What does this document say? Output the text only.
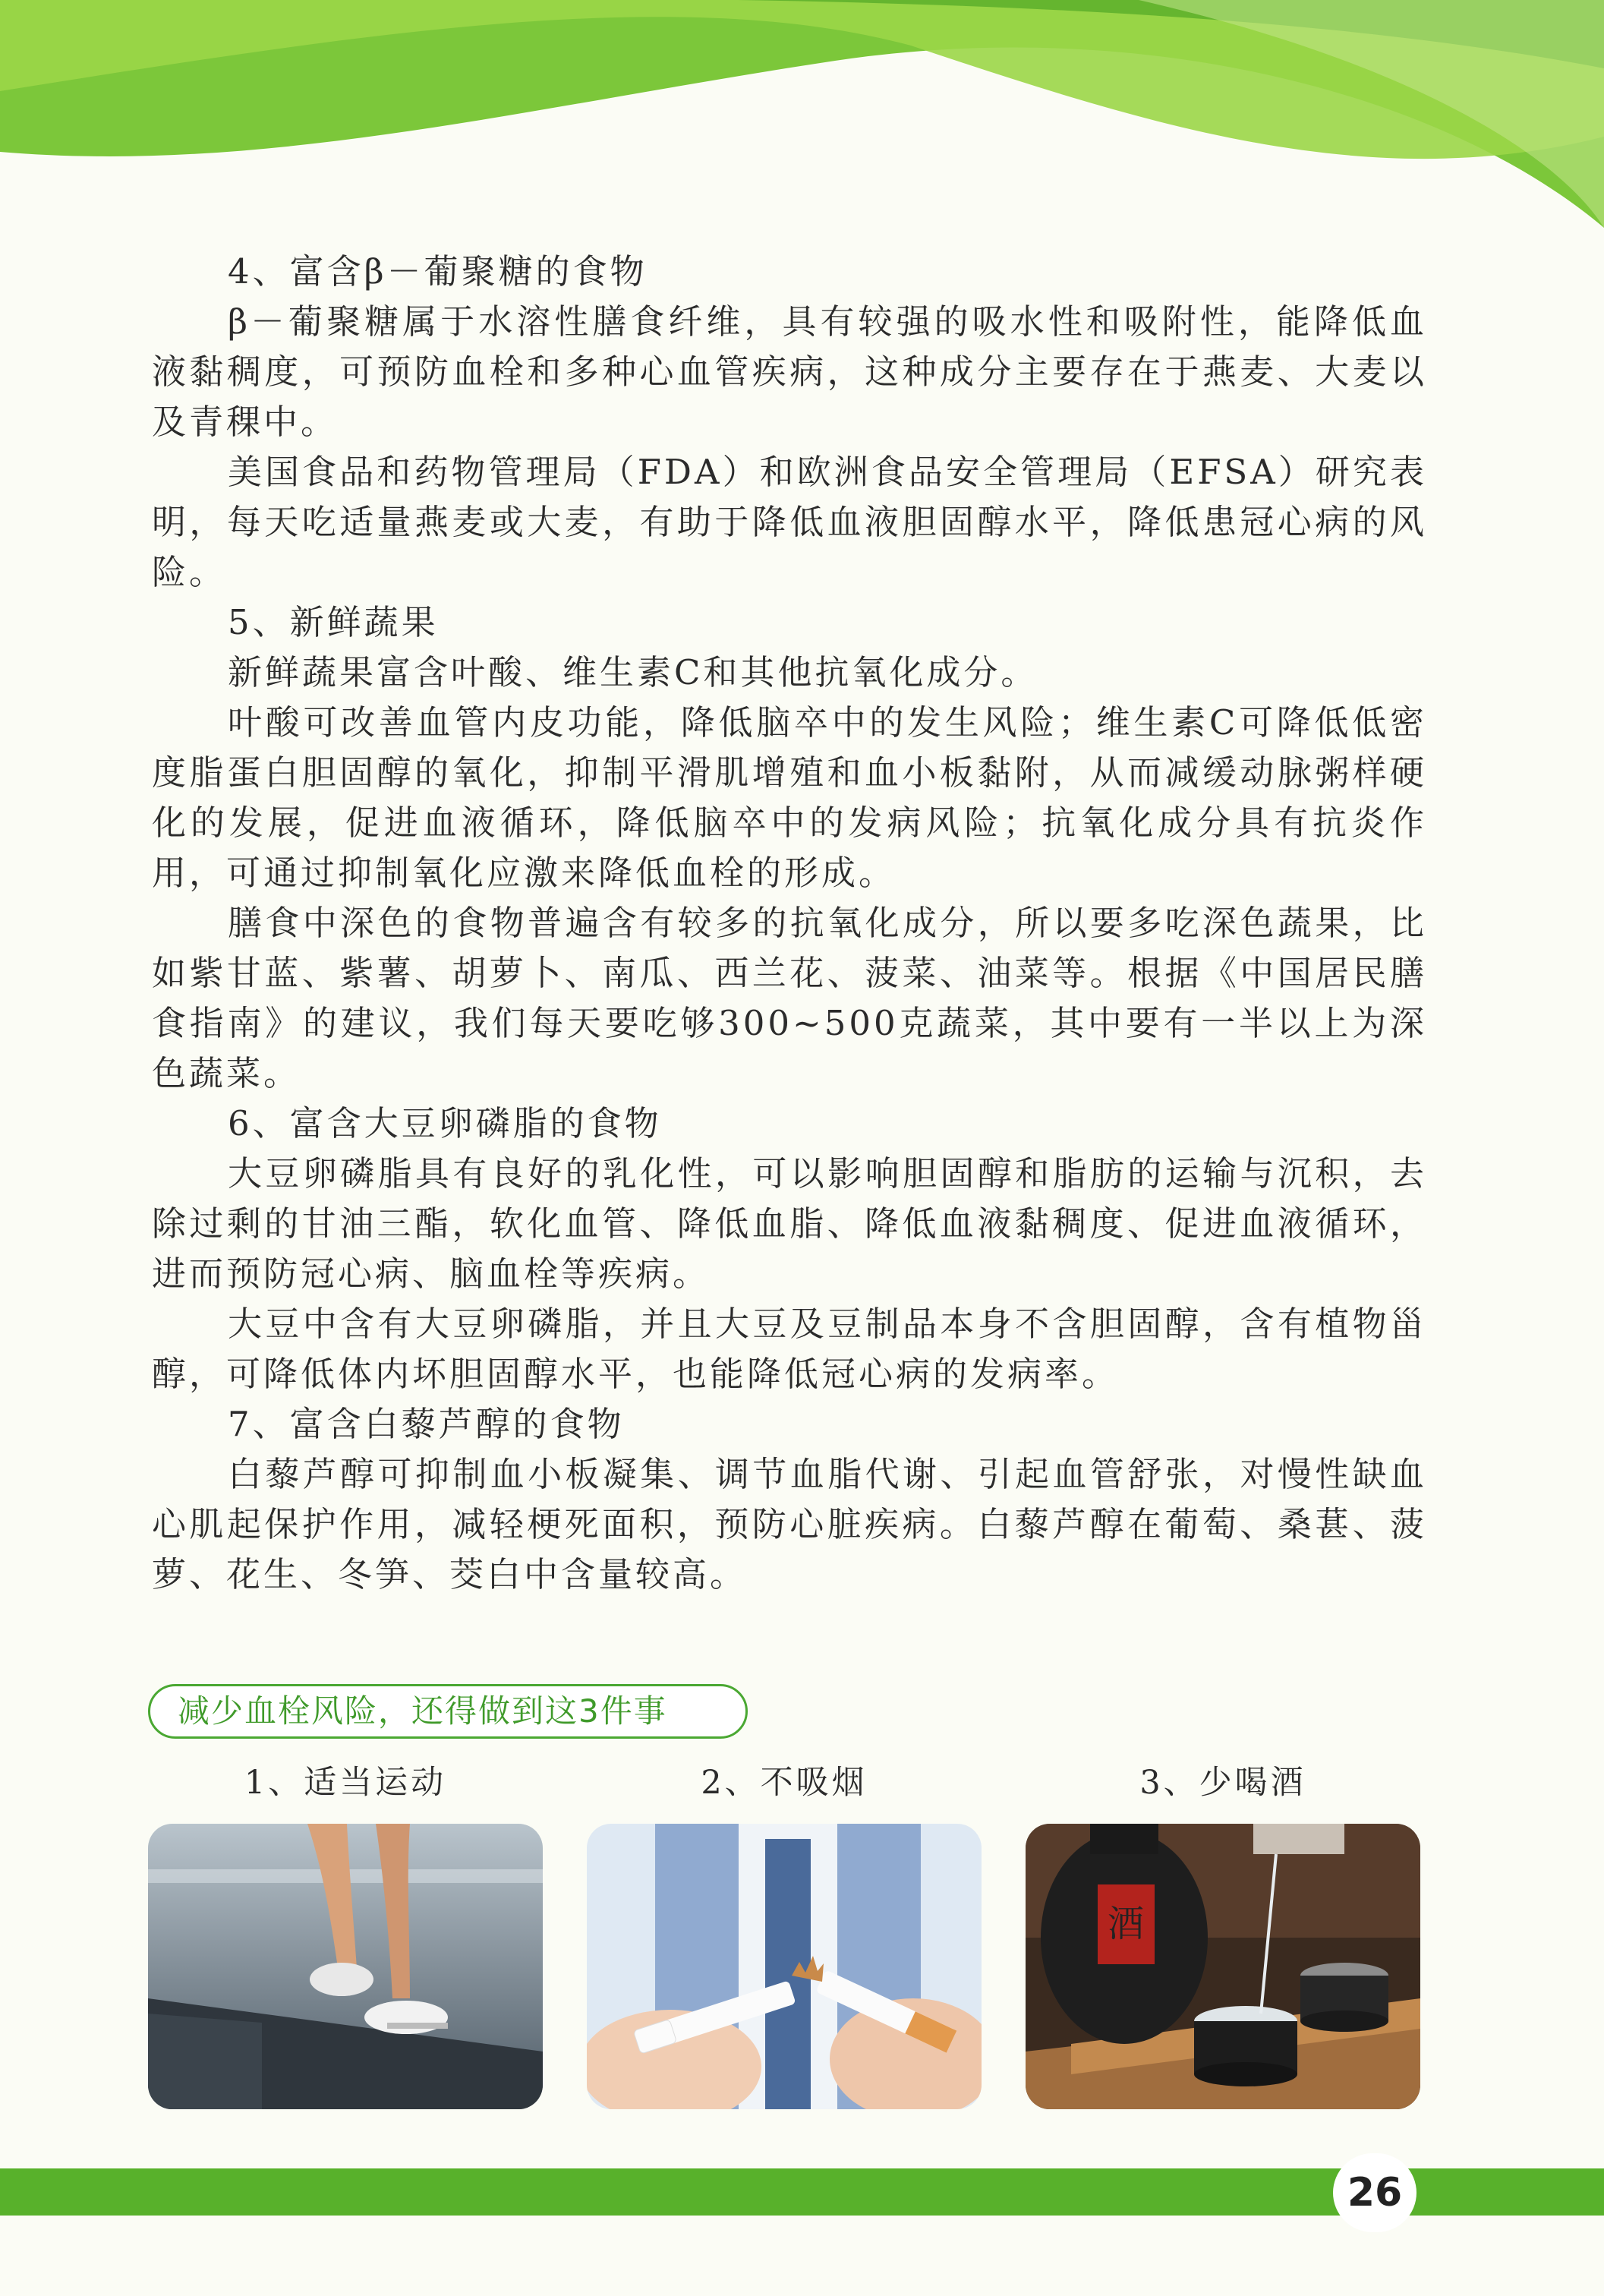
4、富含β－葡聚糖的食物

β－葡聚糖属于水溶性膳食纤维，具有较强的吸水性和吸附性，能降低血液黏稠度，可预防血栓和多种心血管疾病，这种成分主要存在于燕麦、大麦以及青稞中。

美国食品和药物管理局（FDA）和欧洲食品安全管理局（EFSA）研究表明，每天吃适量燕麦或大麦，有助于降低血液胆固醇水平，降低患冠心病的风险。

5、新鲜蔬果

新鲜蔬果富含叶酸、维生素C和其他抗氧化成分。

叶酸可改善血管内皮功能，降低脑卒中的发生风险；维生素C可降低低密度脂蛋白胆固醇的氧化，抑制平滑肌增殖和血小板黏附，从而减缓动脉粥样硬化的发展，促进血液循环，降低脑卒中的发病风险；抗氧化成分具有抗炎作用，可通过抑制氧化应激来降低血栓的形成。

膳食中深色的食物普遍含有较多的抗氧化成分，所以要多吃深色蔬果，比如紫甘蓝、紫薯、胡萝卜、南瓜、西兰花、菠菜、油菜等。根据《中国居民膳食指南》的建议，我们每天要吃够300~500克蔬菜，其中要有一半以上为深色蔬菜。

6、富含大豆卵磷脂的食物

大豆卵磷脂具有良好的乳化性，可以影响胆固醇和脂肪的运输与沉积，去除过剩的甘油三酯，软化血管、降低血脂、降低血液黏稠度、促进血液循环，进而预防冠心病、脑血栓等疾病。

大豆中含有大豆卵磷脂，并且大豆及豆制品本身不含胆固醇，含有植物甾醇，可降低体内坏胆固醇水平，也能降低冠心病的发病率。

7、富含白藜芦醇的食物

白藜芦醇可抑制血小板凝集、调节血脂代谢、引起血管舒张，对慢性缺血心肌起保护作用，减轻梗死面积，预防心脏疾病。白藜芦醇在葡萄、桑葚、菠萝、花生、冬笋、茭白中含量较高。

减少血栓风险，还得做到这3件事
1、适当运动	2、不吸烟	3、少喝酒
酒
26
